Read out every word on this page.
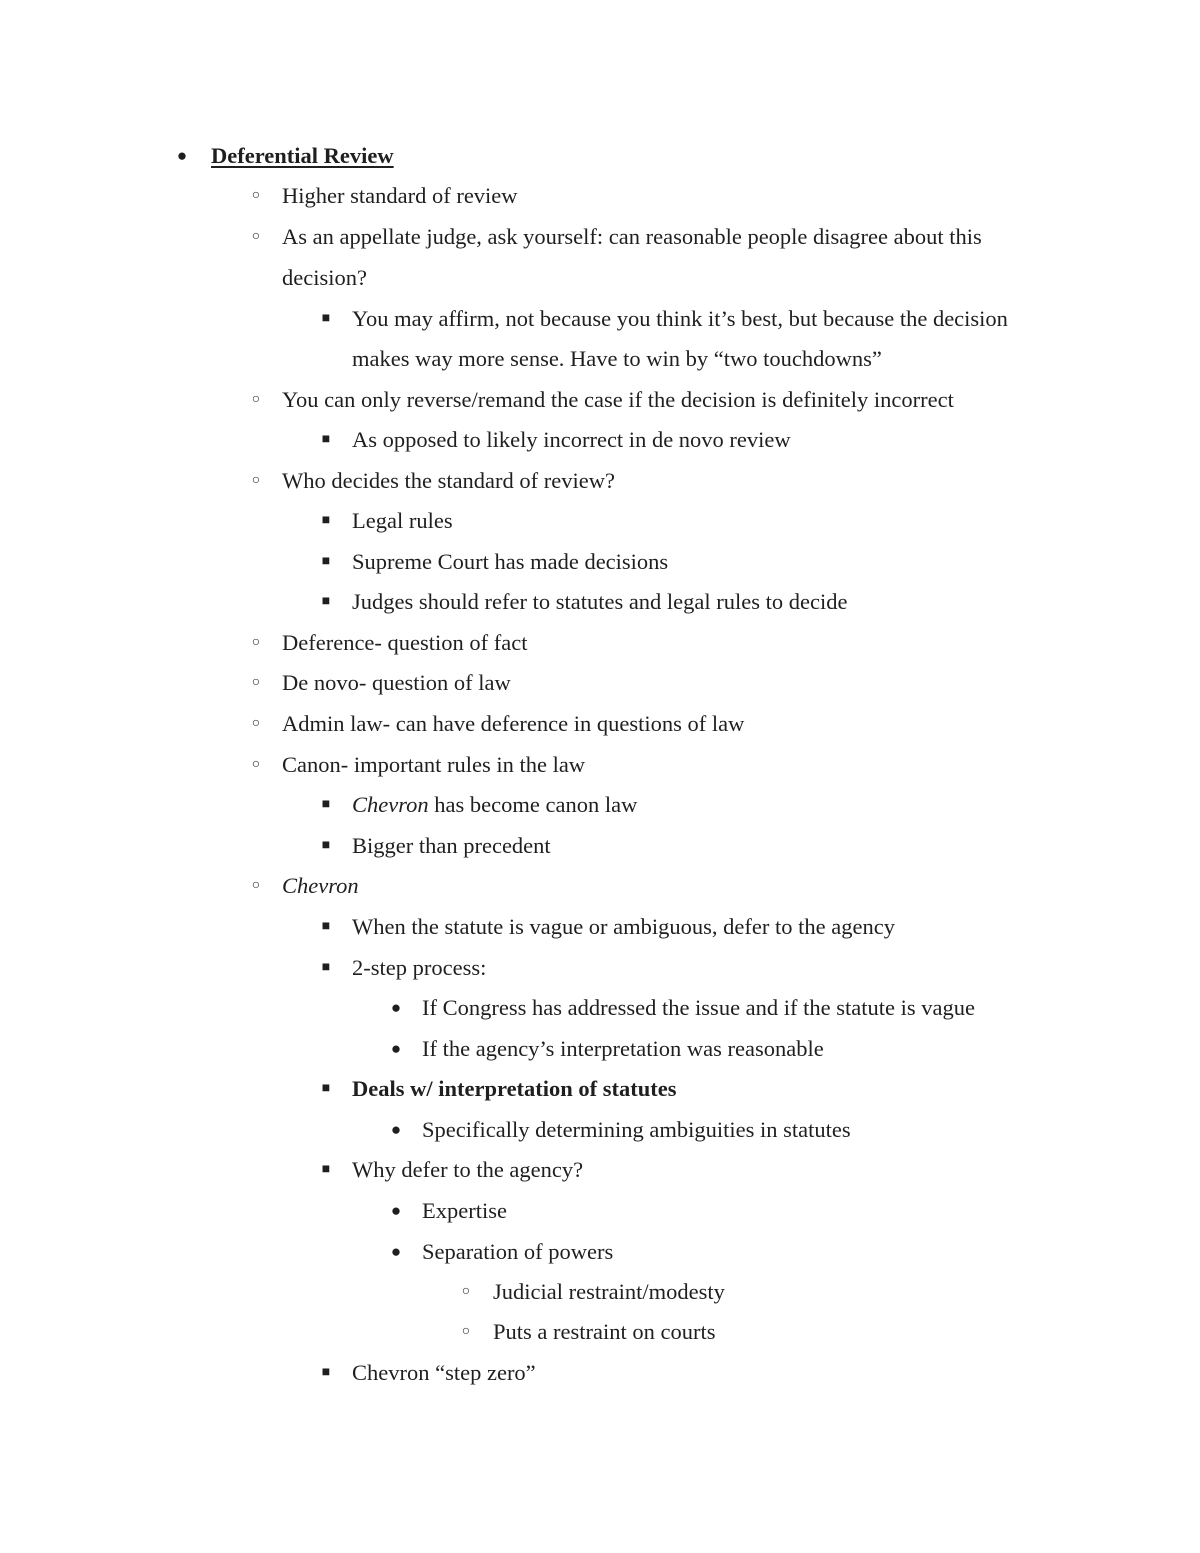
● Deferential Review
○ Higher standard of review
○ As an appellate judge, ask yourself: can reasonable people disagree about this
decision?
■ You may affirm, not because you think it’s best, but because the decision
makes way more sense. Have to win by “two touchdowns”
○ You can only reverse/remand the case if the decision is definitely incorrect
■ As opposed to likely incorrect in de novo review
○ Who decides the standard of review?
■ Legal rules
■ Supreme Court has made decisions
■ Judges should refer to statutes and legal rules to decide
○ Deference- question of fact
○ De novo- question of law
○ Admin law- can have deference in questions of law
○ Canon- important rules in the law
■ Chevron has become canon law
■ Bigger than precedent
○ Chevron
■ When the statute is vague or ambiguous, defer to the agency
■ 2-step process:
● If Congress has addressed the issue and if the statute is vague
● If the agency’s interpretation was reasonable
■ Deals w/ interpretation of statutes
● Specifically determining ambiguities in statutes
■ Why defer to the agency?
● Expertise
● Separation of powers
○ Judicial restraint/modesty
○ Puts a restraint on courts
■ Chevron “step zero”
